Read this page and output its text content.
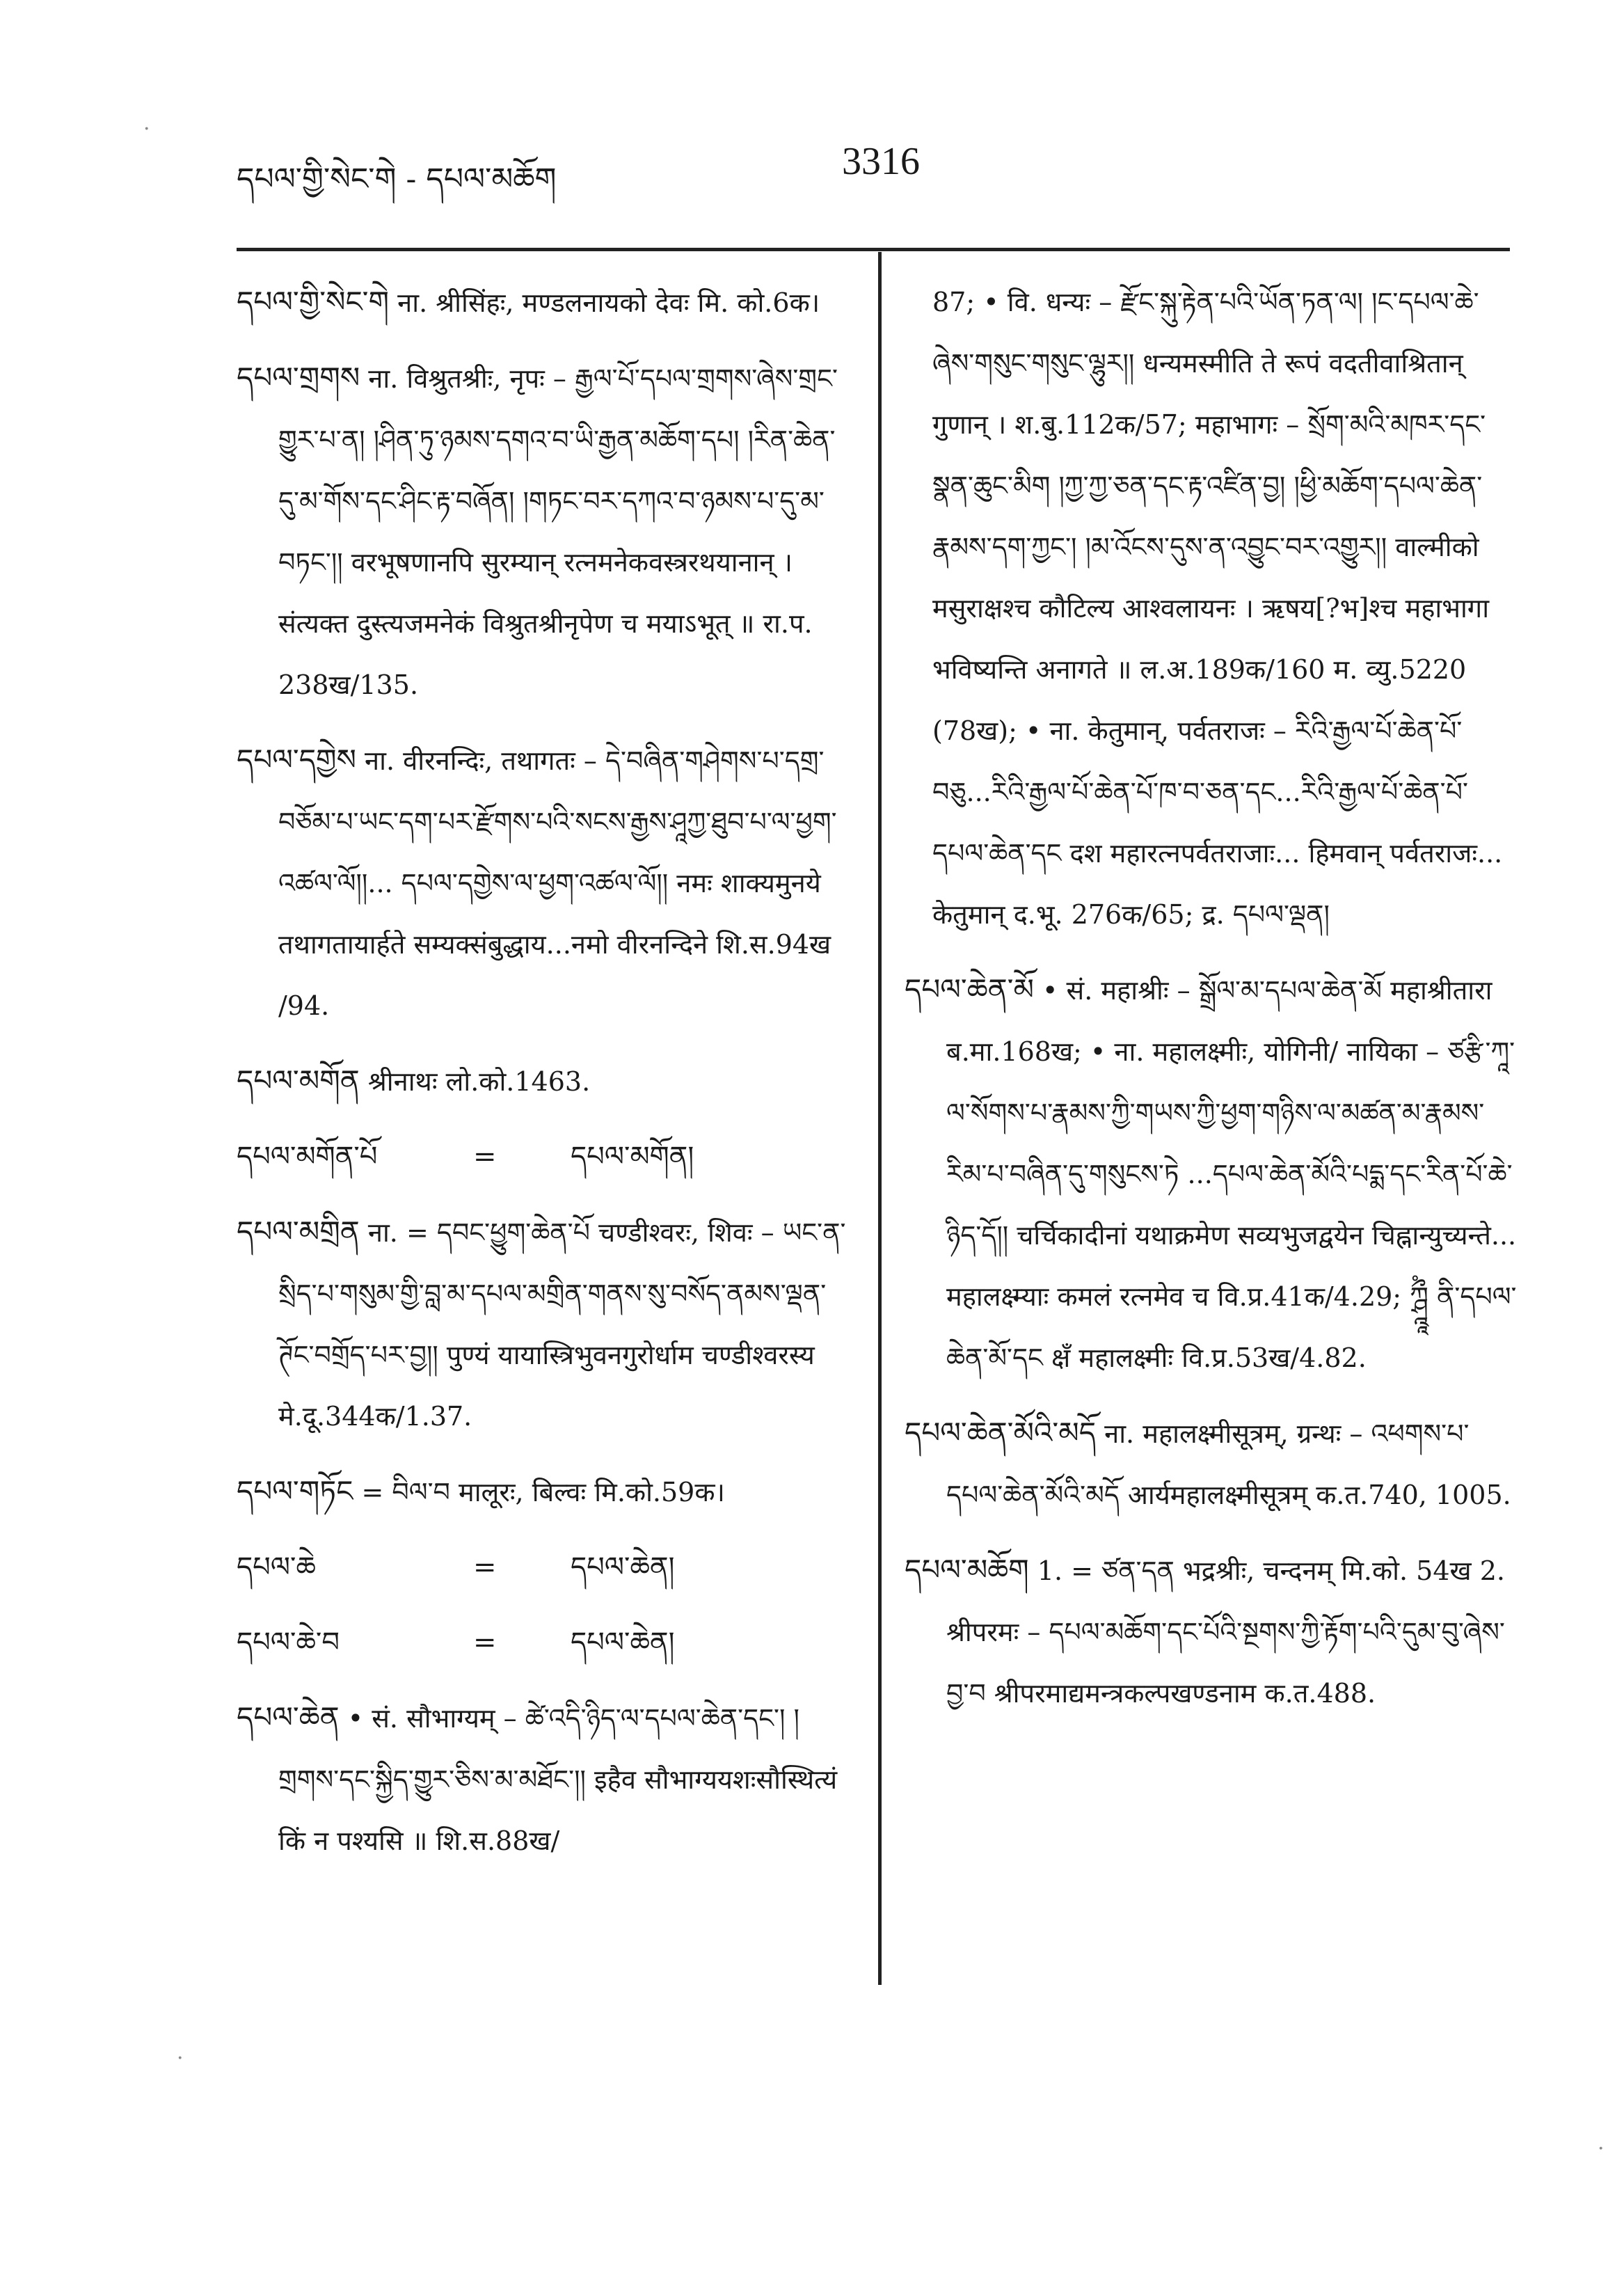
དཔལ་གྱི་སེང་གེ - དཔལ་མཆོག	3316

དཔལ་གྱི་སེང་གེ ना. श्रीसिंहः, मण्डलनायको देवः मि. को.6क।

དཔལ་གྲགས ना. विश्रुतश्रीः, नृपः – རྒྱལ་པོ་དཔལ་གྲགས་ཞེས་གྲང་གྱུར་པ་ན། །ཤིན་ཏུ་ཉམས་དགའ་བ་ཡི་རྒྱན་མཆོག་དཔ། །རིན་ཆེན་དུ་མ་གོས་དང་ཤིང་རྟ་བཞོན། །གཏང་བར་དཀའ་བ་ཉམས་པ་དུ་མ་བཏང་།། वरभूषणानपि सुरम्यान् रत्नमनेकवस्त्ररथयानान् । संत्यक्त दुस्त्यजमनेकं विश्रुतश्रीनृपेण च मयाऽभूत् ॥ रा.प. 238ख/135.

དཔལ་དགྱེས ना. वीरनन्दिः, तथागतः – དེ་བཞིན་གཤེགས་པ་དགྲ་བཅོམ་པ་ཡང་དག་པར་རྫོགས་པའི་སངས་རྒྱས་ཤཱཀྱ་ཐུབ་པ་ལ་ཕྱག་འཚལ་ལོ།།... དཔལ་དགྱེས་ལ་ཕྱག་འཚལ་ལོ།། नमः शाक्यमुनये तथागतायार्हते सम्यक्संबुद्धाय...नमो वीरनन्दिने शि.स.94ख /94.

དཔལ་མགོན श्रीनाथः लो.को.1463.

དཔལ་མགོན་པོ	=	དཔལ་མགོན།

དཔལ་མགྲིན ना. = དབང་ཕྱུག་ཆེན་པོ चण्डीश्वरः, शिवः – ཡང་ན་སྲིད་པ་གསུམ་གྱི་བླ་མ་དཔལ་མགྲིན་གནས་སུ་བསོད་ནམས་ལྡན་ཊོང་བགྲོད་པར་བྱ།། पुण्यं यायास्त्रिभुवनगुरोर्धाम चण्डीश्वरस्य मे.दू.344क/1.37.

དཔལ་གཏོང = བིལ་བ मालूरः, बिल्वः मि.को.59क।

དཔལ་ཆེ	=	དཔལ་ཆེན།
དཔལ་ཆེ་བ	=	དཔལ་ཆེན།

དཔལ་ཆེན • सं. सौभाग्यम् – ཚེ་འདི་ཉིད་ལ་དཔལ་ཆེན་དང་། །གྲགས་དང་སྐྱིད་གྱུར་ཅིས་མ་མཐོང་།། इहैव सौभाग्ययशःसौस्थित्यं किं न पश्यसि ॥ शि.स.88ख/

87; • वि. धन्यः – རྫོང་སྐུ་རྟེན་པའི་ཡོན་ཏན་ལ། །ང་དཔལ་ཆེ་ཞེས་གསུང་གསུང་ལྷུར།། धन्यमस्मीति ते रूपं वदतीवाश्रितान् गुणान् । श.बु.112क/57; महाभागः – སྲོག་མའི་མཁར་དང་སྣན་ཆུང་མིག །ཀྱ་ཀྱ་ཅན་དང་རྟ་འཛིན་བྱ། །ཕྱི་མཆོག་དཔལ་ཆེན་རྣམས་དག་ཀྱང་། །མ་འོངས་དུས་ན་འབྱུང་བར་འགྱུར།། वाल्मीको मसुराक्षश्च कौटिल्य आश्वलायनः । ऋषय[?भ]श्च महाभागा भविष्यन्ति अनागते ॥ ल.अ.189क/160 म. व्यु.5220 (78ख); • ना. केतुमान्, पर्वतराजः – རིའི་རྒྱལ་པོ་ཆེན་པོ་བཅུ...རིའི་རྒྱལ་པོ་ཆེན་པོ་ཁ་བ་ཅན་དང...རིའི་རྒྱལ་པོ་ཆེན་པོ་དཔལ་ཆེན་དང दश महारत्नपर्वतराजाः... हिमवान् पर्वतराजः... केतुमान् द.भू. 276क/65; द्र. དཔལ་ལྡན།

དཔལ་ཆེན་མོ • सं. महाश्रीः – སྒྲོལ་མ་དཔལ་ཆེན་མོ महाश्रीतारा ब.मा.168ख; • ना. महालक्ष्मीः, योगिनी/ नायिका – ཙརྩི་ཀཱ་ལ་སོགས་པ་རྣམས་ཀྱི་གཡས་ཀྱི་ཕྱག་གཉིས་ལ་མཚན་མ་རྣམས་རིམ་པ་བཞིན་དུ་གསུངས་ཏེ ...དཔལ་ཆེན་མོའི་པདྨ་དང་རིན་པོ་ཆེ་ཉིད་དོ།། चर्चिकादीनां यथाक्रमेण सव्यभुजद्वयेन चिह्नान्युच्यन्ते... महालक्ष्म्याः कमलं रत्नमेव च वि.प्र.41क/4.29; ཀྴྰཱྀཾ ནི་དཔལ་ཆེན་མོ་དང क्षँ महालक्ष्मीः वि.प्र.53ख/4.82.

དཔལ་ཆེན་མོའི་མདོ ना. महालक्ष्मीसूत्रम्, ग्रन्थः – འཕགས་པ་དཔལ་ཆེན་མོའི་མདོ आर्यमहालक्ष्मीसूत्रम् क.त.740, 1005.

དཔལ་མཆོག 1. = ཙན་དན भद्रश्रीः, चन्दनम् मि.को. 54ख 2. श्रीपरमः – དཔལ་མཆོག་དང་པོའི་སྔགས་ཀྱི་རྟོག་པའི་དུམ་བུ་ཞེས་བྱ་བ श्रीपरमाद्यमन्त्रकल्पखण्डनाम क.त.488.

·
·
·
